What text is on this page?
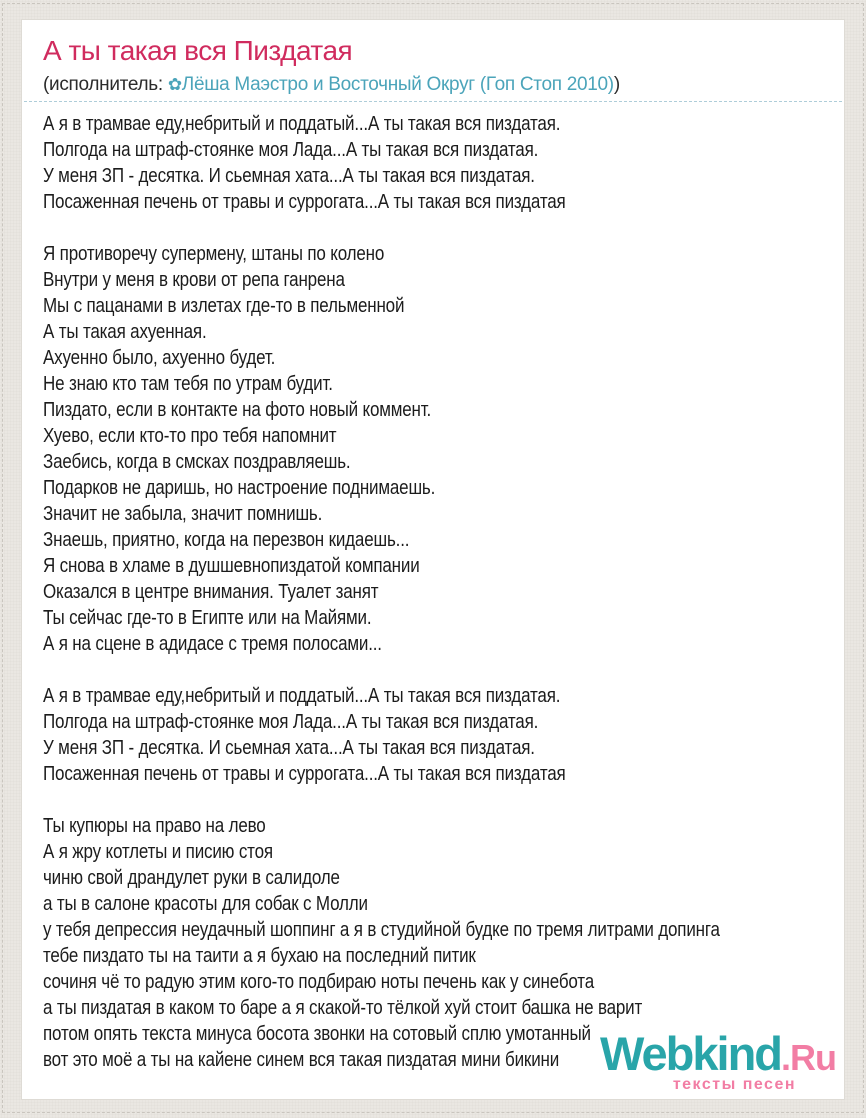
А ты такая вся Пиздатая
(исполнитель: ✿Лёша Маэстро и Восточный Округ (Гоп Стоп 2010))
А я в трамвае еду,небритый и поддатый...А ты такая вся пиздатая.
Полгода на штраф-стоянке моя Лада...А ты такая вся пиздатая.
У меня ЗП - десятка. И сьемная хата...А ты такая вся пиздатая.
Посаженная печень от травы и суррогата...А ты такая вся пиздатая
Я противоречу супермену, штаны по колено
Внутри у меня в крови от репа ганрена
Мы с пацанами в излетах где-то в пельменной
А ты такая ахуенная.
Ахуенно было, ахуенно будет.
Не знаю кто там тебя по утрам будит.
Пиздато, если в контакте на фото новый коммент.
Хуево, если кто-то про тебя напомнит
Заебись, когда в смсках поздравляешь.
Подарков не даришь, но настроение поднимаешь.
Значит не забыла, значит помнишь.
Знаешь, приятно, когда на перезвон кидаешь...
Я снова в хламе в душшевнопиздатой компании
Оказался в центре внимания. Туалет занят
Ты сейчас где-то в Египте или на Майями.
А я на сцене в адидасе с тремя полосами...
А я в трамвае еду,небритый и поддатый...А ты такая вся пиздатая.
Полгода на штраф-стоянке моя Лада...А ты такая вся пиздатая.
У меня ЗП - десятка. И сьемная хата...А ты такая вся пиздатая.
Посаженная печень от травы и суррогата...А ты такая вся пиздатая
Ты купюры на право на лево
А я жру котлеты и писию стоя
чиню свой драндулет руки в салидоле
а ты в салоне красоты для собак с Молли
у тебя депрессия неудачный шоппинг а я в студийной будке по тремя литрами допинга
тебе пиздато ты на таити а я бухаю на последний питик
сочиня чё то радую этим кого-то подбираю ноты печень как у синебота
а ты пиздатая в каком то баре а я скакой-то тёлкой хуй стоит башка не варит
потом опять текста минуса босота звонки на сотовый сплю умотанный
вот это моё а ты на кайене синем вся такая пиздатая мини бикини Webkind.Ru
тексты песен
